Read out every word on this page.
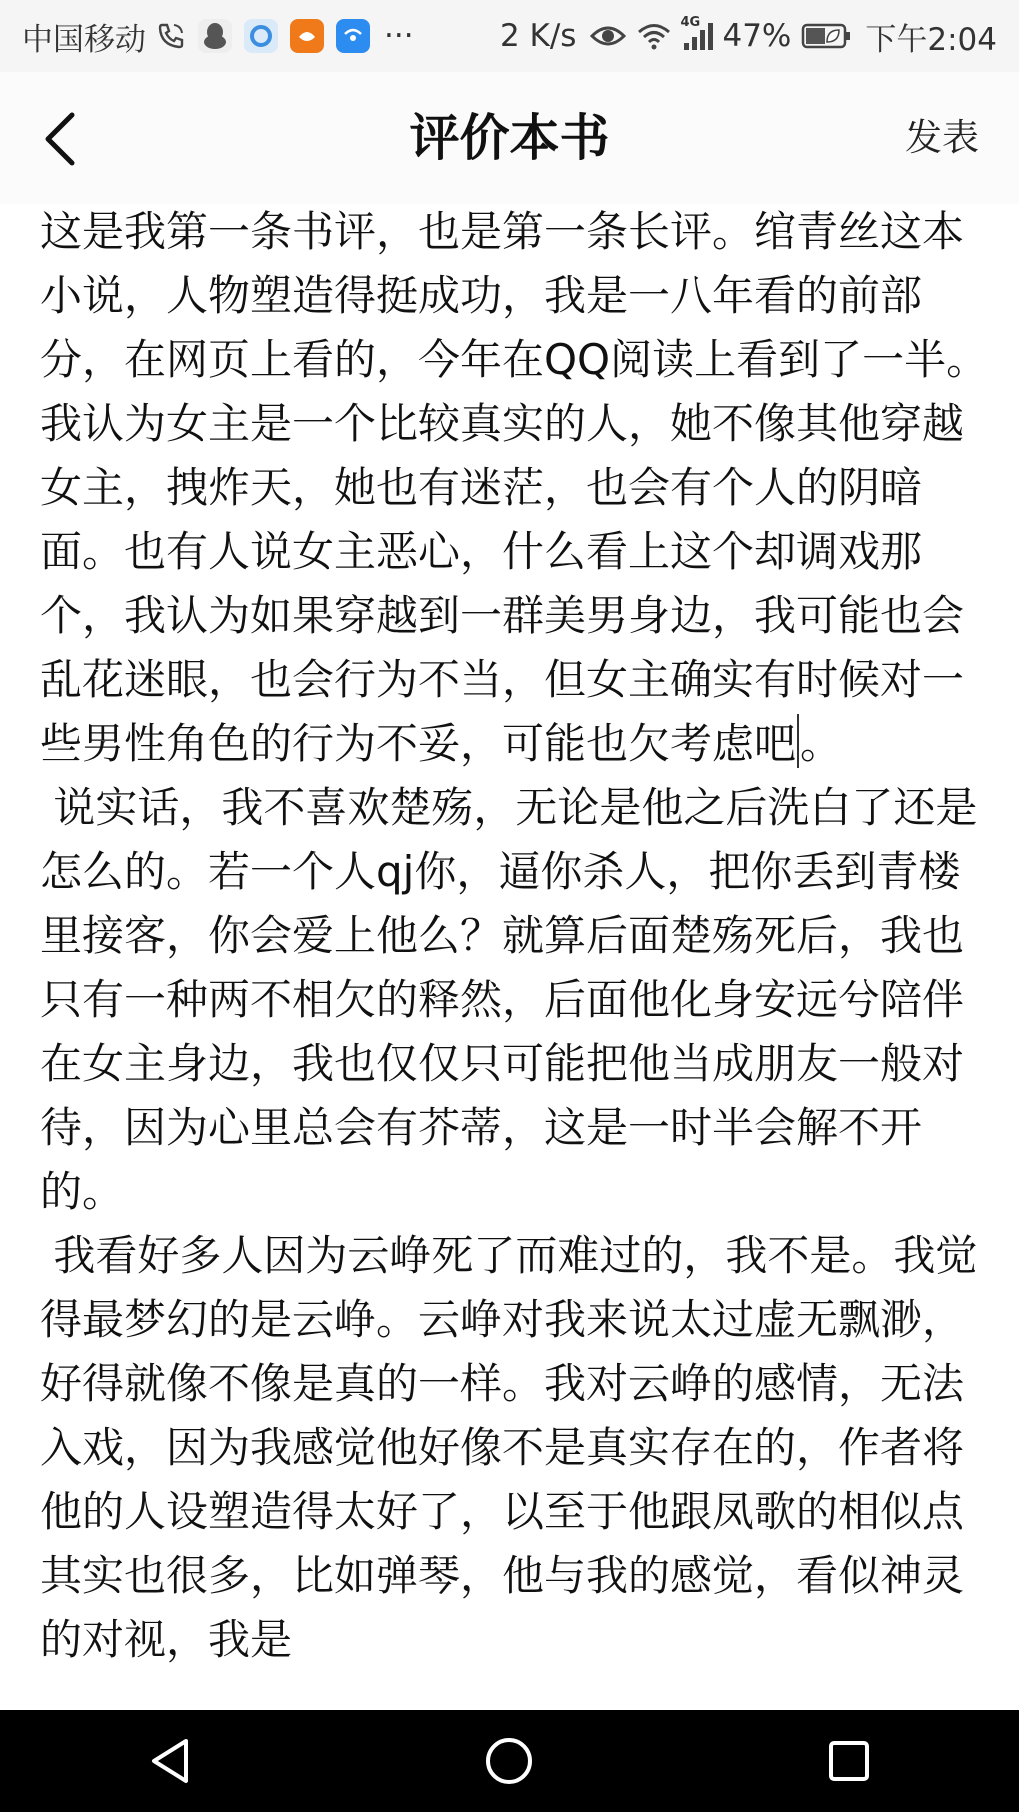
中国移动	···	2 K/s	4G 47% 下午2:04
评价本书	发表
这是我第一条书评，也是第一条长评。绾青丝这本小说，人物塑造得挺成功，我是一八年看的前部分，在网页上看的，今年在QQ阅读上看到了一半。我认为女主是一个比较真实的人，她不像其他穿越女主，拽炸天，她也有迷茫，也会有个人的阴暗面。也有人说女主恶心，什么看上这个却调戏那个，我认为如果穿越到一群美男身边，我可能也会乱花迷眼，也会行为不当，但女主确实有时候对一些男性角色的行为不妥，可能也欠考虑吧。
说实话，我不喜欢楚殇，无论是他之后洗白了还是怎么的。若一个人qj你，逼你杀人，把你丢到青楼里接客，你会爱上他么？就算后面楚殇死后，我也只有一种两不相欠的释然，后面他化身安远兮陪伴在女主身边，我也仅仅只可能把他当成朋友一般对待，因为心里总会有芥蒂，这是一时半会解不开的。
我看好多人因为云峥死了而难过的，我不是。我觉得最梦幻的是云峥。云峥对我来说太过虚无飘渺，好得就像不像是真的一样。我对云峥的感情，无法入戏，因为我感觉他好像不是真实存在的，作者将他的人设塑造得太好了，以至于他跟凤歌的相似点其实也很多，比如弹琴，他与我的感觉，看似神灵的对视，我是
